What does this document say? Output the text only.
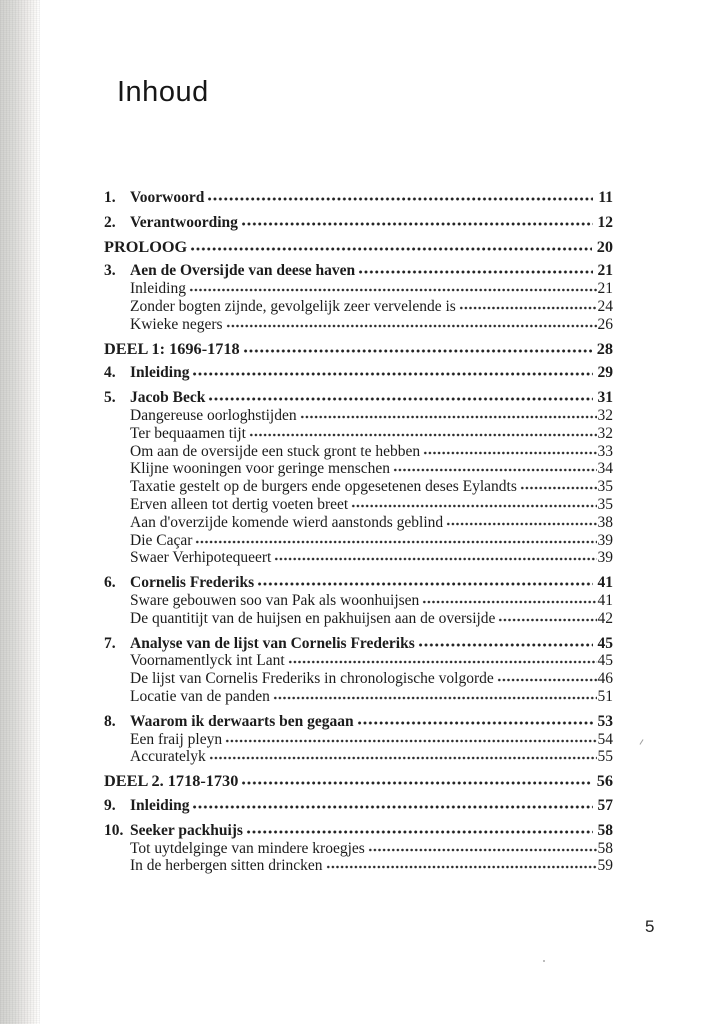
Inhoud
1. Voorwoord	11
2. Verantwoording	12
PROLOOG	20
3. Aen de Oversijde van deese haven	21
Inleiding	21
Zonder bogten zijnde, gevolgelijk zeer vervelende is	24
Kwieke negers	26
DEEL 1: 1696-1718	28
4. Inleiding	29
5. Jacob Beck	31
Dangereuse oorloghstijden	32
Ter bequaamen tijt	32
Om aan de oversijde een stuck gront te hebben	33
Klijne wooningen voor geringe menschen	34
Taxatie gestelt op de burgers ende opgesetenen deses Eylandts	35
Erven alleen tot dertig voeten breet	35
Aan d'overzijde komende wierd aanstonds geblind	38
Die Caçar	39
Swaer Verhipotequeert	39
6. Cornelis Frederiks	41
Sware gebouwen soo van Pak als woonhuijsen	41
De quantitijt van de huijsen en pakhuijsen aan de oversijde	42
7. Analyse van de lijst van Cornelis Frederiks	45
Voornamentlyck int Lant	45
De lijst van Cornelis Frederiks in chronologische volgorde	46
Locatie van de panden	51
8. Waarom ik derwaarts ben gegaan	53
Een fraij pleyn	54
Accuratelyk	55
DEEL 2. 1718-1730	56
9. Inleiding	57
10. Seeker packhuijs	58
Tot uytdelginge van mindere kroegjes	58
In de herbergen sitten drincken	59
5
